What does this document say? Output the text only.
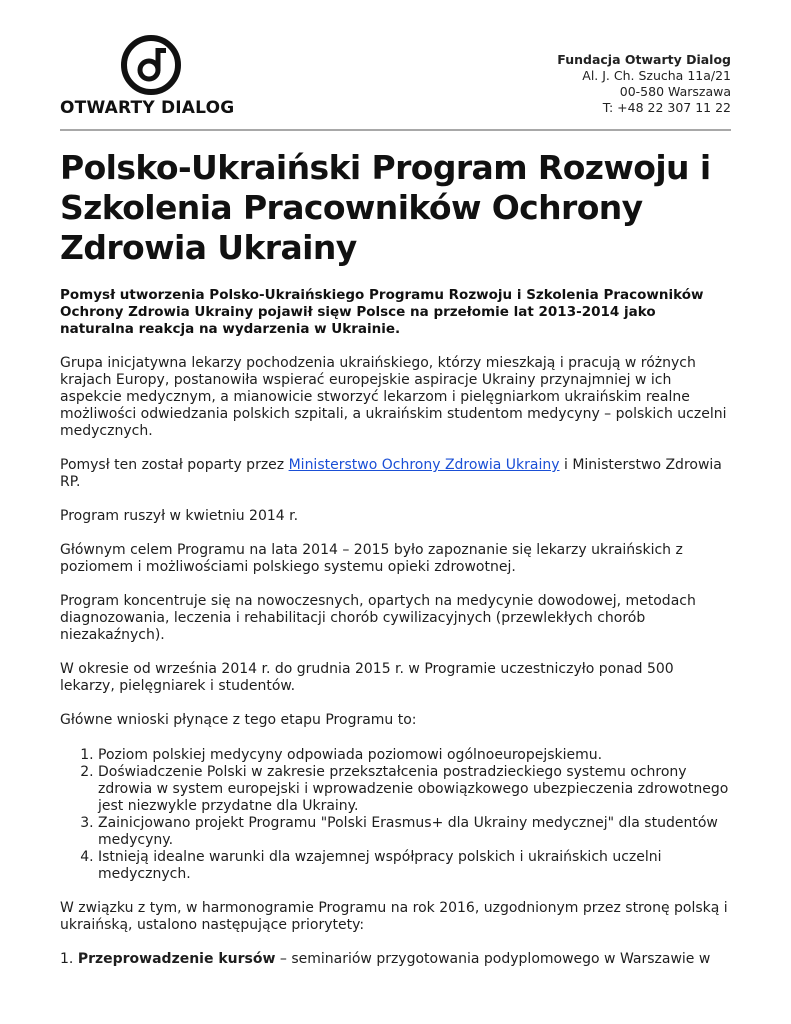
OTWARTY DIALOG
Fundacja Otwarty Dialog
Al. J. Ch. Szucha 11a/21
00-580 Warszawa
T: +48 22 307 11 22
Polsko-Ukraiński Program Rozwoju i Szkolenia Pracowników Ochrony Zdrowia Ukrainy

Pomysł utworzenia Polsko-Ukraińskiego Programu Rozwoju i Szkolenia Pracowników Ochrony Zdrowia Ukrainy pojawił sięw Polsce na przełomie lat 2013-2014 jako naturalna reakcja na wydarzenia w Ukrainie.

Grupa inicjatywna lekarzy pochodzenia ukraińskiego, którzy mieszkają i pracują w różnych krajach Europy, postanowiła wspierać europejskie aspiracje Ukrainy przynajmniej w ich aspekcie medycznym, a mianowicie stworzyć lekarzom i pielęgniarkom ukraińskim realne możliwości odwiedzania polskich szpitali, a ukraińskim studentom medycyny – polskich uczelni medycznych.

Pomysł ten został poparty przez Ministerstwo Ochrony Zdrowia Ukrainy i Ministerstwo Zdrowia RP.

Program ruszył w kwietniu 2014 r.

Głównym celem Programu na lata 2014 – 2015 było zapoznanie się lekarzy ukraińskich z poziomem i możliwościami polskiego systemu opieki zdrowotnej.

Program koncentruje się na nowoczesnych, opartych na medycynie dowodowej, metodach diagnozowania, leczenia i rehabilitacji chorób cywilizacyjnych (przewlekłych chorób niezakaźnych).

W okresie od września 2014 r. do grudnia 2015 r. w Programie uczestniczyło ponad 500 lekarzy, pielęgniarek i studentów.

Główne wnioski płynące z tego etapu Programu to:

1. Poziom polskiej medycyny odpowiada poziomowi ogólnoeuropejskiemu.
2. Doświadczenie Polski w zakresie przekształcenia postradzieckiego systemu ochrony zdrowia w system europejski i wprowadzenie obowiązkowego ubezpieczenia zdrowotnego jest niezwykle przydatne dla Ukrainy.
3. Zainicjowano projekt Programu "Polski Erasmus+ dla Ukrainy medycznej" dla studentów medycyny.
4. Istnieją idealne warunki dla wzajemnej współpracy polskich i ukraińskich uczelni medycznych.

W związku z tym, w harmonogramie Programu na rok 2016, uzgodnionym przez stronę polską i ukraińską, ustalono następujące priorytety:

1. Przeprowadzenie kursów – seminariów przygotowania podyplomowego w Warszawie w
